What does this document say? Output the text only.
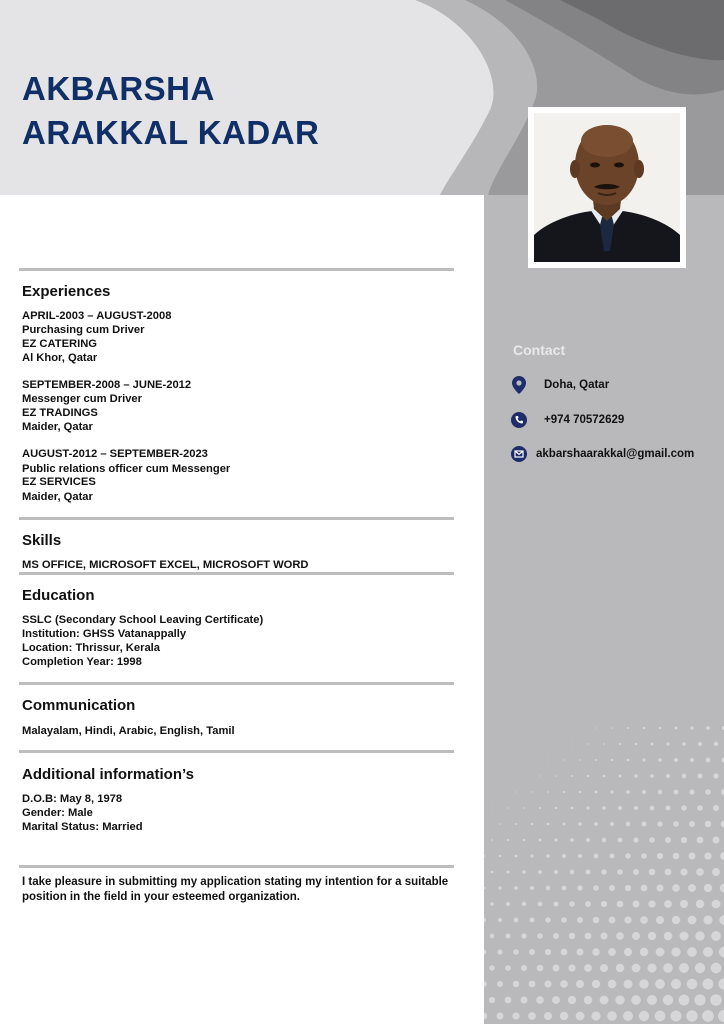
AKBARSHA
ARAKKAL KADAR
Experiences

APRIL-2003 – AUGUST-2008

Purchasing cum Driver

EZ CATERING

Al Khor, Qatar

SEPTEMBER-2008 – JUNE-2012

Messenger cum Driver

EZ TRADINGS

Maider, Qatar

AUGUST-2012 – SEPTEMBER-2023

Public relations officer cum Messenger

EZ SERVICES

Maider, Qatar

Skills

MS OFFICE, MICROSOFT EXCEL, MICROSOFT WORD

Education

SSLC (Secondary School Leaving Certificate)

Institution: GHSS Vatanappally

Location: Thrissur, Kerala

Completion Year: 1998

Communication

Malayalam, Hindi, Arabic, English, Tamil

Additional information’s

D.O.B: May 8, 1978

Gender: Male

Marital Status: Married

I take pleasure in submitting my application stating my intention for a suitable position in the field in your esteemed organization.

Contact
Doha, Qatar
+974 70572629
akbarshaarakkal@gmail.com
